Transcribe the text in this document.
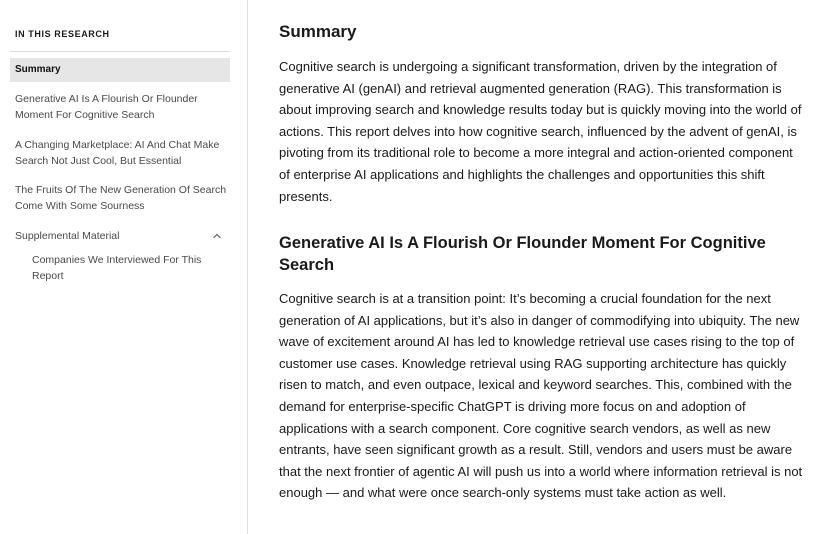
IN THIS RESEARCH
Summary
Generative AI Is A Flourish Or Flounder Moment For Cognitive Search
A Changing Marketplace: AI And Chat Make Search Not Just Cool, But Essential
The Fruits Of The New Generation Of Search Come With Some Sourness
Supplemental Material
Companies We Interviewed For This Report
Summary

Cognitive search is undergoing a significant transformation, driven by the integration of generative AI (genAI) and retrieval augmented generation (RAG). This transformation is about improving search and knowledge results today but is quickly moving into the world of actions. This report delves into how cognitive search, influenced by the advent of genAI, is pivoting from its traditional role to become a more integral and action-oriented component of enterprise AI applications and highlights the challenges and opportunities this shift presents.

Generative AI Is A Flourish Or Flounder Moment For Cognitive Search

Cognitive search is at a transition point: It’s becoming a crucial foundation for the next generation of AI applications, but it’s also in danger of commodifying into ubiquity. The new wave of excitement around AI has led to knowledge retrieval use cases rising to the top of customer use cases. Knowledge retrieval using RAG supporting architecture has quickly risen to match, and even outpace, lexical and keyword searches. This, combined with the demand for enterprise-specific ChatGPT is driving more focus on and adoption of applications with a search component. Core cognitive search vendors, as well as new entrants, have seen significant growth as a result. Still, vendors and users must be aware that the next frontier of agentic AI will push us into a world where information retrieval is not enough — and what were once search-only systems must take action as well.
